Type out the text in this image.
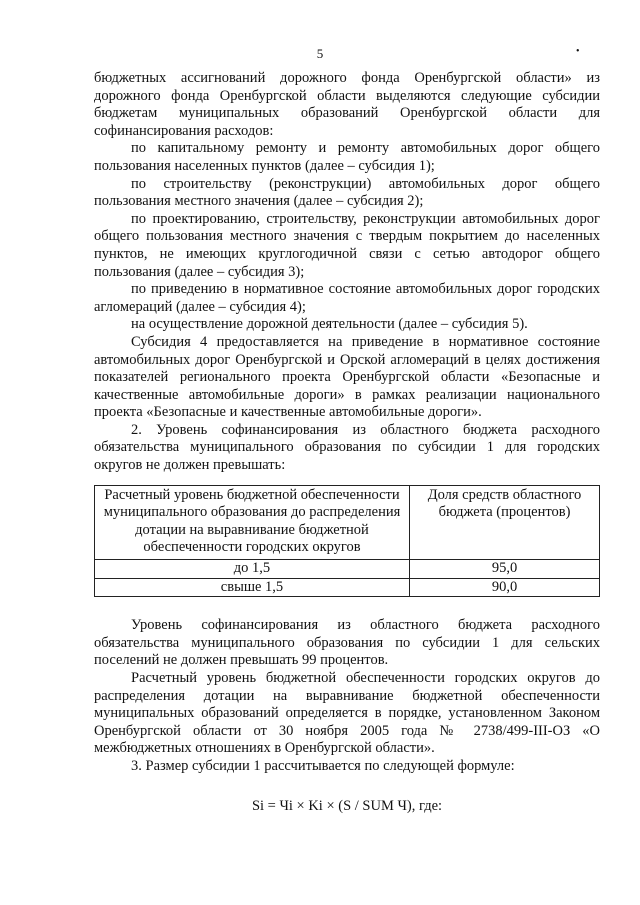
5	•

бюджетных ассигнований дорожного фонда Оренбургской области» из дорожного фонда Оренбургской области выделяются следующие субсидии бюджетам муниципальных образований Оренбургской области для софинансирования расходов:

по капитальному ремонту и ремонту автомобильных дорог общего пользования населенных пунктов (далее – субсидия 1);

по строительству (реконструкции) автомобильных дорог общего пользования местного значения (далее – субсидия 2);

по проектированию, строительству, реконструкции автомобильных дорог общего пользования местного значения с твердым покрытием до населенных пунктов, не имеющих круглогодичной связи с сетью автодорог общего пользования (далее – субсидия 3);

по приведению в нормативное состояние автомобильных дорог городских агломераций (далее – субсидия 4);

на осуществление дорожной деятельности (далее – субсидия 5).

Субсидия 4 предоставляется на приведение в нормативное состояние автомобильных дорог Оренбургской и Орской агломераций в целях достижения показателей регионального проекта Оренбургской области «Безопасные и качественные автомобильные дороги» в рамках реализации национального проекта «Безопасные и качественные автомобильные дороги».

2. Уровень софинансирования из областного бюджета расходного обязательства муниципального образования по субсидии 1 для городских округов не должен превышать:

Расчетный уровень бюджетной обеспеченности муниципального образования до распределения дотации на выравнивание бюджетной обеспеченности городских округов	Доля средств областного бюджета (процентов)
до 1,5	95,0
свыше 1,5	90,0

Уровень софинансирования из областного бюджета расходного обязательства муниципального образования по субсидии 1 для сельских поселений не должен превышать 99 процентов.

Расчетный уровень бюджетной обеспеченности городских округов до распределения дотации на выравнивание бюджетной обеспеченности муниципальных образований определяется в порядке, установленном Законом Оренбургской области от 30 ноября 2005 года № 2738/499-III-ОЗ «О межбюджетных отношениях в Оренбургской области».

3. Размер субсидии 1 рассчитывается по следующей формуле:

Si = Чi × Ki × (S / SUM Ч), где:
